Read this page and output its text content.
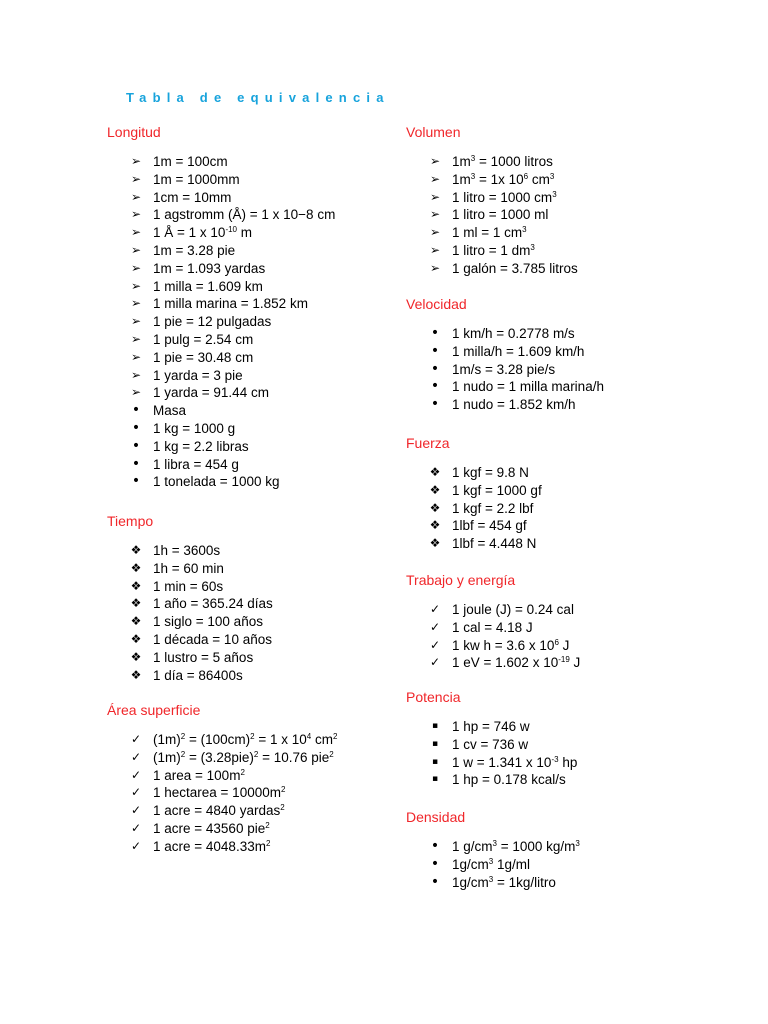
Tabla de equivalencia
Longitud
➢ 1m = 100cm
➢ 1m = 1000mm
➢ 1cm = 10mm
➢ 1 agstromm (Å) = 1 x 10−8 cm
➢ 1 Å = 1 x $10^{-10}$ m
➢ 1m = 3.28 pie
➢ 1m = 1.093 yardas
➢ 1 milla = 1.609 km
➢ 1 milla marina = 1.852 km
➢ 1 pie = 12 pulgadas
➢ 1 pulg = 2.54 cm
➢ 1 pie = 30.48 cm
➢ 1 yarda = 3 pie
➢ 1 yarda = 91.44 cm
• Masa
• 1 kg = 1000 g
• 1 kg = 2.2 libras
• 1 libra = 454 g
• 1 tonelada = 1000 kg
Tiempo
❖ 1h = 3600s
❖ 1h = 60 min
❖ 1 min = 60s
❖ 1 año = 365.24 días
❖ 1 siglo = 100 años
❖ 1 década = 10 años
❖ 1 lustro = 5 años
❖ 1 día = 86400s
Área superficie
✓ $(1m)^2 = (100cm)^2 = 1$ x $10^4$ $cm^2$
✓ $(1m)^2 = (3.28pie)^2 = 10.76$ pie$^2$
✓ 1 area = $100m^2$
✓ 1 hectarea = $10000m^2$
✓ 1 acre = 4840 yardas$^2$
✓ 1 acre = 43560 pie$^2$
✓ 1 acre = $4048.33m^2$
Volumen
➢ $1m^3 = 1000$ litros
➢ $1m^3 = 1x$ $10^6$ $cm^3$
➢ 1 litro = 1000 $cm^3$
➢ 1 litro = 1000 ml
➢ 1 ml = 1 $cm^3$
➢ 1 litro = 1 $dm^3$
➢ 1 galón = 3.785 litros
Velocidad
• 1 km/h = 0.2778 m/s
• 1 milla/h = 1.609 km/h
• 1m/s = 3.28 pie/s
• 1 nudo = 1 milla marina/h
• 1 nudo = 1.852 km/h
Fuerza
❖ 1 kgf = 9.8 N
❖ 1 kgf = 1000 gf
❖ 1 kgf = 2.2 lbf
❖ 1lbf = 454 gf
❖ 1lbf = 4.448 N
Trabajo y energía
✓ 1 joule (J) = 0.24 cal
✓ 1 cal = 4.18 J
✓ 1 kw h = 3.6 x $10^6$ J
✓ 1 eV = 1.602 x $10^{-19}$ J
Potencia
▪ 1 hp = 746 w
▪ 1 cv = 736 w
▪ 1 w = 1.341 x $10^{-3}$ hp
▪ 1 hp = 0.178 kcal/s
Densidad
• 1 $g/cm^3 = 1000$ $kg/m^3$
• $1g/cm^3$ 1g/ml
• $1g/cm^3$ = 1kg/litro
